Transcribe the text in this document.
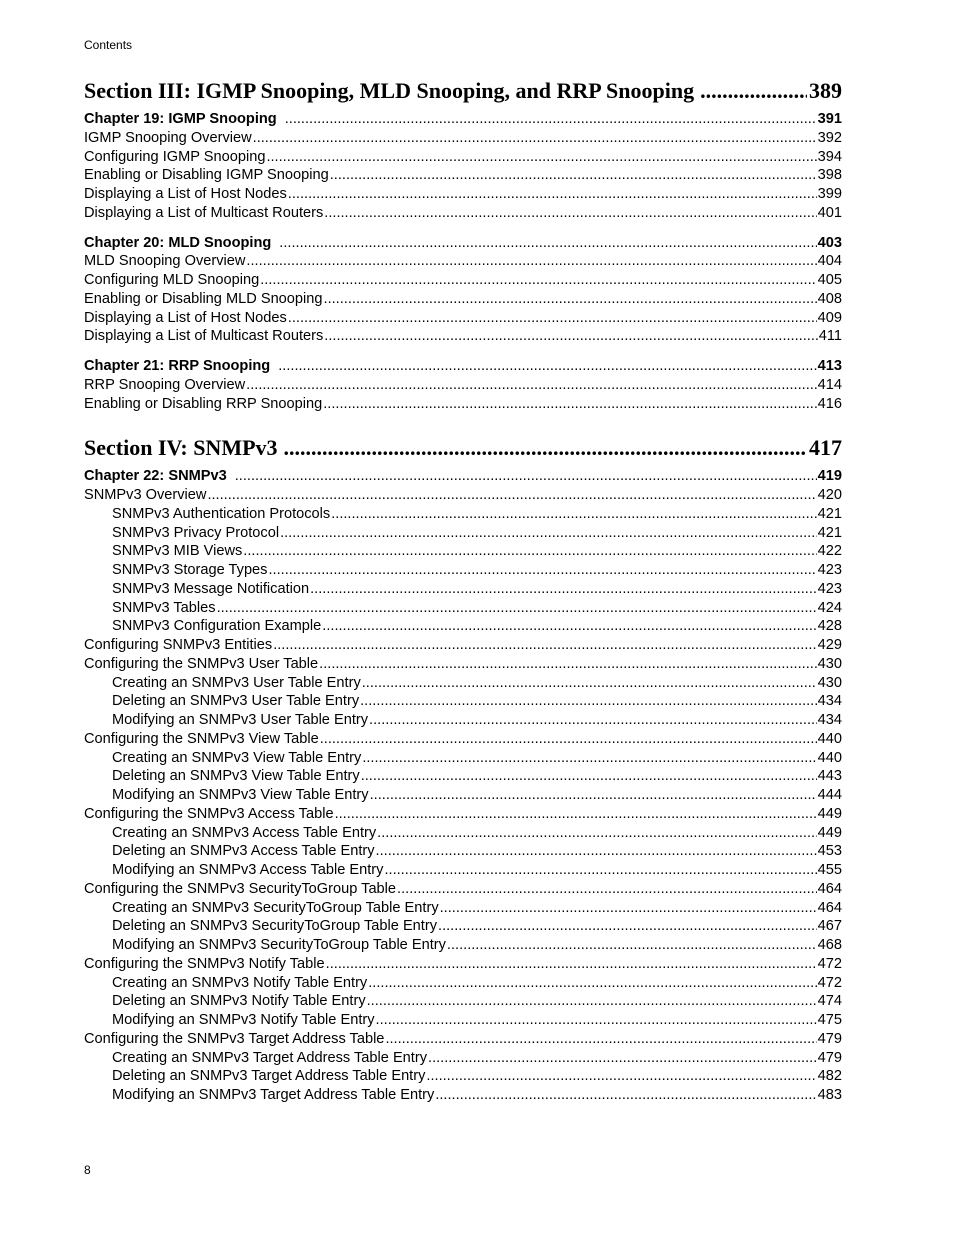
Contents
Section III: IGMP Snooping, MLD Snooping, and RRP Snooping .....	389
Chapter 19: IGMP Snooping .....	391
IGMP Snooping Overview .....	392
Configuring IGMP Snooping .....	394
Enabling or Disabling IGMP Snooping .....	398
Displaying a List of Host Nodes .....	399
Displaying a List of Multicast Routers .....	401
Chapter 20: MLD Snooping .....	403
MLD Snooping Overview .....	404
Configuring MLD Snooping .....	405
Enabling or Disabling MLD Snooping .....	408
Displaying a List of Host Nodes .....	409
Displaying a List of Multicast Routers .....	411
Chapter 21: RRP Snooping .....	413
RRP Snooping Overview .....	414
Enabling or Disabling RRP Snooping .....	416
Section IV: SNMPv3 .....	417
Chapter 22: SNMPv3 .....	419
SNMPv3 Overview .....	420
SNMPv3 Authentication Protocols .....	421
SNMPv3 Privacy Protocol .....	421
SNMPv3 MIB Views .....	422
SNMPv3 Storage Types .....	423
SNMPv3 Message Notification .....	423
SNMPv3 Tables .....	424
SNMPv3 Configuration Example .....	428
Configuring SNMPv3 Entities .....	429
Configuring the SNMPv3 User Table .....	430
Creating an SNMPv3 User Table Entry .....	430
Deleting an SNMPv3 User Table Entry .....	434
Modifying an SNMPv3 User Table Entry .....	434
Configuring the SNMPv3 View Table .....	440
Creating an SNMPv3 View Table Entry .....	440
Deleting an SNMPv3 View Table Entry .....	443
Modifying an SNMPv3 View Table Entry .....	444
Configuring the SNMPv3 Access Table .....	449
Creating an SNMPv3 Access Table Entry .....	449
Deleting an SNMPv3 Access Table Entry .....	453
Modifying an SNMPv3 Access Table Entry .....	455
Configuring the SNMPv3 SecurityToGroup Table .....	464
Creating an SNMPv3 SecurityToGroup Table Entry .....	464
Deleting an SNMPv3 SecurityToGroup Table Entry .....	467
Modifying an SNMPv3 SecurityToGroup Table Entry .....	468
Configuring the SNMPv3 Notify Table .....	472
Creating an SNMPv3 Notify Table Entry .....	472
Deleting an SNMPv3 Notify Table Entry .....	474
Modifying an SNMPv3 Notify Table Entry .....	475
Configuring the SNMPv3 Target Address Table .....	479
Creating an SNMPv3 Target Address Table Entry .....	479
Deleting an SNMPv3 Target Address Table Entry .....	482
Modifying an SNMPv3 Target Address Table Entry .....	483
8
